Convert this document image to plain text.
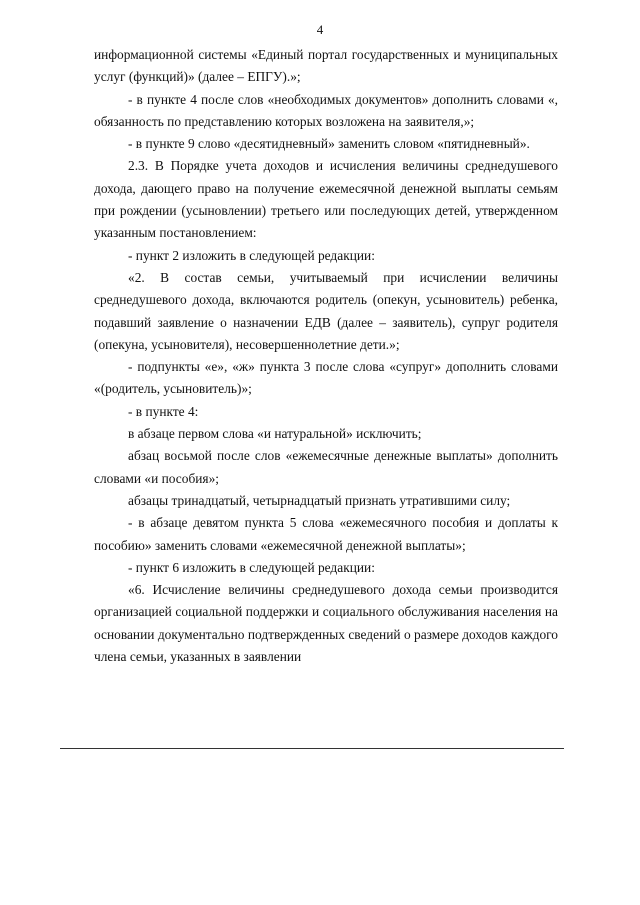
4

информационной системы «Единый портал государственных и муниципальных услуг (функций)» (далее – ЕПГУ).»;

- в пункте 4 после слов «необходимых документов» дополнить словами «, обязанность по представлению которых возложена на заявителя,»;

- в пункте 9 слово «десятидневный» заменить словом «пятидневный».

2.3. В Порядке учета доходов и исчисления величины среднедушевого дохода, дающего право на получение ежемесячной денежной выплаты семьям при рождении (усыновлении) третьего или последующих детей, утвержденном указанным постановлением:

- пункт 2 изложить в следующей редакции:

«2. В состав семьи, учитываемый при исчислении величины среднедушевого дохода, включаются родитель (опекун, усыновитель) ребенка, подавший заявление о назначении ЕДВ (далее – заявитель), супруг родителя (опекуна, усыновителя), несовершеннолетние дети.»;

- подпункты «е», «ж» пункта 3 после слова «супруг» дополнить словами «(родитель, усыновитель)»;

- в пункте 4:

в абзаце первом слова «и натуральной» исключить;

абзац восьмой после слов «ежемесячные денежные выплаты» дополнить словами «и пособия»;

абзацы тринадцатый, четырнадцатый признать утратившими силу;

- в абзаце девятом пункта 5 слова «ежемесячного пособия и доплаты к пособию» заменить словами «ежемесячной денежной выплаты»;

- пункт 6 изложить в следующей редакции:

«6. Исчисление величины среднедушевого дохода семьи производится организацией социальной поддержки и социального обслуживания населения на основании документально подтвержденных сведений о размере доходов каждого члена семьи, указанных в заявлении
